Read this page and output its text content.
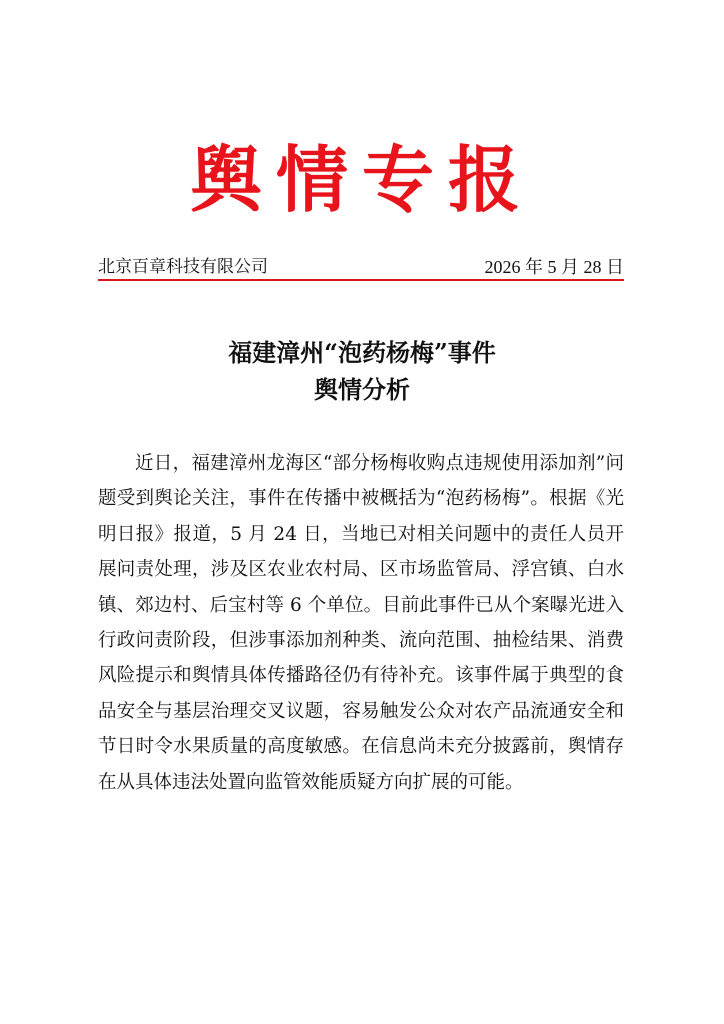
舆情专报
北京百章科技有限公司	2026 年 5 月 28 日
福建漳州“泡药杨梅”事件
舆情分析

近日，福建漳州龙海区“部分杨梅收购点违规使用添加剂”问题受到舆论关注，事件在传播中被概括为“泡药杨梅”。根据《光明日报》报道，5 月 24 日，当地已对相关问题中的责任人员开展问责处理，涉及区农业农村局、区市场监管局、浮宫镇、白水镇、郊边村、后宝村等 6 个单位。目前此事件已从个案曝光进入行政问责阶段，但涉事添加剂种类、流向范围、抽检结果、消费风险提示和舆情具体传播路径仍有待补充。该事件属于典型的食品安全与基层治理交叉议题，容易触发公众对农产品流通安全和节日时令水果质量的高度敏感。在信息尚未充分披露前，舆情存在从具体违法处置向监管效能质疑方向扩展的可能。
